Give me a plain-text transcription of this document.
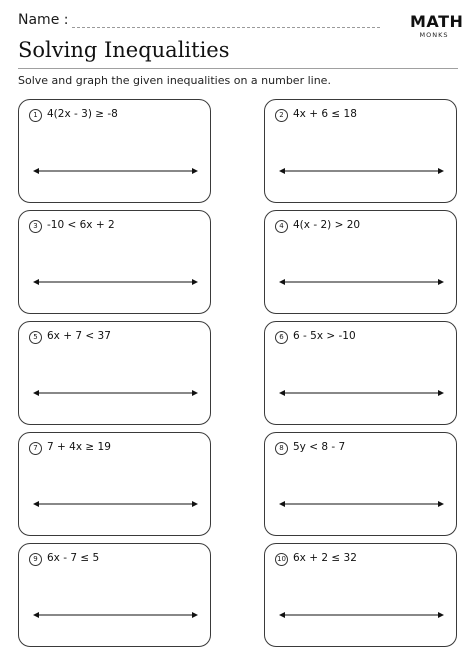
Name :	MATH
MONKS
Solving Inequalities
Solve and graph the given inequalities on a number line.
1 4(2x - 3) ≥ -8	2 4x + 6 ≤ 18
3 -10 < 6x + 2	4 4(x - 2) > 20
5 6x + 7 < 37	6 6 - 5x > -10
7 7 + 4x ≥ 19	8 5y < 8 - 7
9 6x - 7 ≤ 5	10 6x + 2 ≤ 32
